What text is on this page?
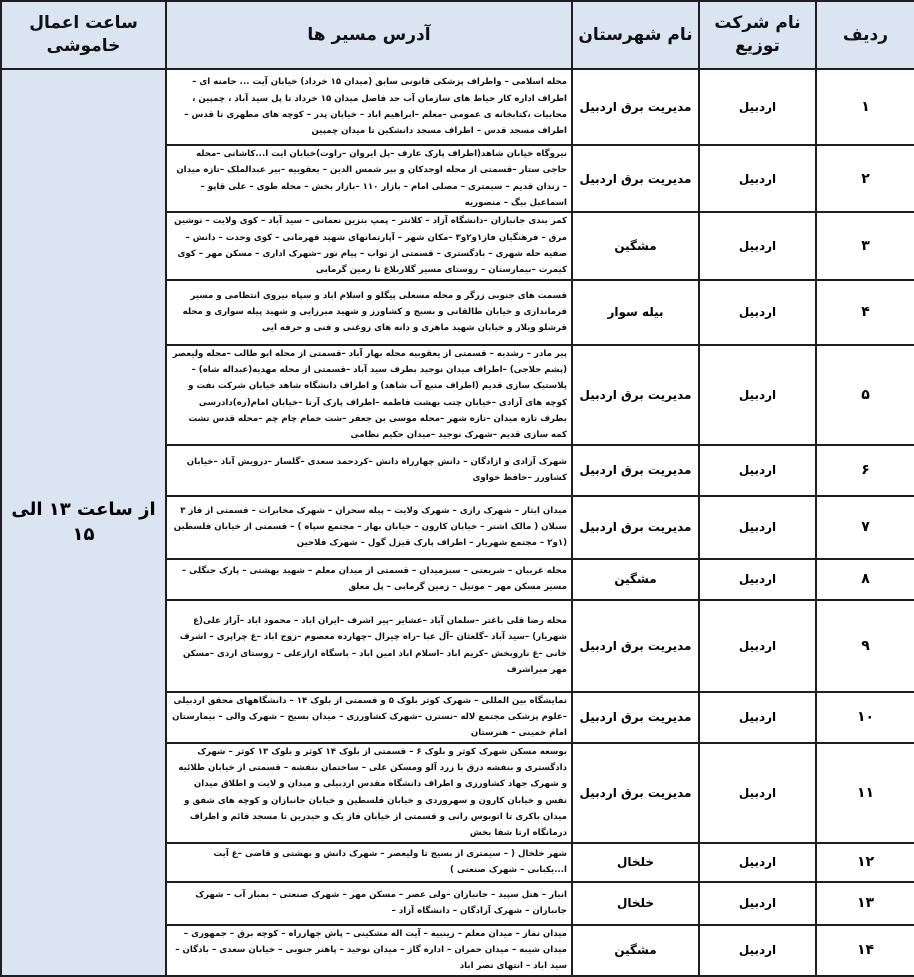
ردیف	نام شرکت توزیع	نام شهرستان	آدرس مسیر ها	ساعت اعمال خاموشی
۱	اردبیل	مدیریت برق اردبیل	محله اسلامی – واطراف پزشکی قانونی سابق (میدان ۱۵ خرداد) خیابان آیت ... حامنه ای –اطراف اداره کار حیاط های سازمان آب حد فاصل میدان ۱۵ خرداد تا پل سید آباد ، چمپین ، محابیات ،کتابخانه ی عمومی –معلم –ابراهیم اباد – خیابان پدر – کوچه های مطهری تا قدس – اطراف مسجد قدس – اطراف مسجد دانشکین تا میدان چمپین	از ساعت ۱۳ الی ۱۵
۲	اردبیل	مدیریت برق اردبیل	نیروگاه خیابان شاهد(اطراف پارک عارف –پل ایروان –راوت)خیابان ایت ا...کاشانی –محله حاجی ستار –قسمتی از محله اوجدکان و بیر شمس الدین – یعقوبیه –بیر عبدالملک –تازه میدان – زندان قدیم – سیمتری – مصلی امام – بازار ۱۱۰ –بازار بخش – محله طوی – علی قاپو – اسماعیل بیگ – منصوریه	
۳	اردبیل	مشگین	کمر بندی جانبازان –دانشگاه آزاد – کلانتر – پمپ بنزین نعمانی – سید آباد – کوی ولایت – نوشین مرق – فرهنگیان فاز۱و۲و۳ –مکان شهر – آپارتمانهای شهید قهرمانی – کوی وحدت – دانش – صفیه حله شهری – بادگستری – قسمتی از تواب – پیام نور –شهرک اداری – مسکن مهر – کوی کیمرت –بیمارستان – روستای مسیر گلاربلاغ تا زمین گرمابی	
۴	اردبیل	بیله سوار	قسمت های جنوبی زرگر و محله مسعلی پیگلو و اسلام اباد و سپاه نیروی انتظامی و مسیر فرمانداری و خیابان طالقانی و بسیج و کشاورز و شهید میرزایی و شهید پیله سواری و محله قرشلو ویلار و خیابان شهید ماهری و دانه های روغنی و فنی و حرفه ایی	
۵	اردبیل	مدیریت برق اردبیل	پیر مادر – رشدیه – قسمتی از یعقوبیه محله بهار آباد –قسمتی از محله ابو طالب –محله ولیعصر (پشم حلاجی) –اطراف میدان نوجید بطرف سید آباد –قسمتی از محله مهدیه(عبداله شاه) –پلاستیک سازی قدیم (اطراف منبع آب شاهد) و اطراف دانشگاه شاهد خیابان شرکت نفت و کوچه های آزادی –خیابان چتب بهشت فاطمه –اطراف پارک آرتا –خیابان امام(ره)دادرسی بطرف تازه میدان –تازه شهر –محله موسی بن جعفر –شت حمام چام چم –محله قدس تشت کمه سازی قدیم –شهرک نوجید –میدان حکیم نظامی	
۶	اردبیل	مدیریت برق اردبیل	شهرک آزادی و ازادگان – دانش چهارراه دانش –کردحمد سعدی –گلسار –درویش آباد –خیابان کشاورز –حافظ خواوی	
۷	اردبیل	مدیریت برق اردبیل	میدان ایثار – شهرک رازی – شهرک ولایت – پیله سحران – شهرک مخابرات – قسمتی از فاز ۳ سبلان ( مالک اشتر – خیابان کارون – خیابان بهار – مجتمع سپاه ) – قسمتی از خیابان فلسطین (۱و۲ – مجتمع شهریار – اطراف پارک قیزل گول – شهرک فلاحین	
۸	اردبیل	مشگین	محله غربیان – شریعتی – سبزمیدان – قسمتی از میدان معلم – شهید بهشتی – پارک جنگلی – مسیر مسکن مهر – مونیل – زمین گرمابی – پل معلق	
۹	اردبیل	مدیریت برق اردبیل	محله رضا قلی باغتر –سلمان آباد –عشایر –پیر اشرف –ایران اباد – محمود اباد –آراز علی(ع شهریار) –سید آباد –گلعثان –آل عبا –راه چیرال –چهارده معصوم –زوج اباد –غ چراپری – اشرف خانی –غ ناروبخش –کریم اباد –اسلام اباد امین اباد – باسگاه ارازعلی – روستای اردی –مسکن مهر میراشرف	
۱۰	اردبیل	مدیریت برق اردبیل	نمایشگاه بین المللی – شهرک کوثر بلوک ۵ و قسمتی از بلوک ۱۴ – دانشگاههای محقق اردبیلی –علوم پزشکی مجتمع لاله –نسترن –شهرک کشاورزی – میدان بسیج – شهرک والی – بیمارستان امام خمینی – هنرستان	
۱۱	اردبیل	مدیریت برق اردبیل	بوسعه مسکن شهرک کوثر و بلوک ۶ – قسمتی از بلوک ۱۴ کوثر و بلوک ۱۳ کوثر – شهرک دادگستری و بنفشه درق با زرد آلو ومسکن علی – ساختمان بنفشه – قسمتی از خیابان طلائیه و شهرک جهاد کشاورزی و اطراف دانشگاه مقدس اردبیلی و میدان و لایت و اطلاق میدان نفس و خیابان کارون و سهروردی و خیابان فلسطین و خیابان جانبازان و کوچه های شفق و میدان باکری تا اتوبوس رانی و قسمتی از خیابان فاز یک و حیدرین تا مسجد قائم و اطراف درمانگاه ارتا شفا بخش	
۱۲	اردبیل	خلخال	شهر خلخال ( – سیمتری از بسیج تا ولیعصر – شهرک دانش و بهشتی و قاضی –غ آیت ا...یکبابی – شهرک صنعتی )	
۱۳	اردبیل	خلخال	انبار – هتل سپید – جانبازان –ولی عصر – مسکن مهر – شهرک صنعتی – بمبار آب – شهرک جانبازان – شهرک آزادگان – دانشگاه آزاد –	
۱۴	اردبیل	مشگین	میدان نماز – میدان معلم – زینبیه – آیت اله مشکینی – پاش جهارراه – کوچه برق – جمهوری – میدان شیبه – میدان حمران – اداره گاز – میدان نوحید – پاهنر جنوبی – خیابان سعدی – بادگان – سید اباد – انتهای نصر اباد	
